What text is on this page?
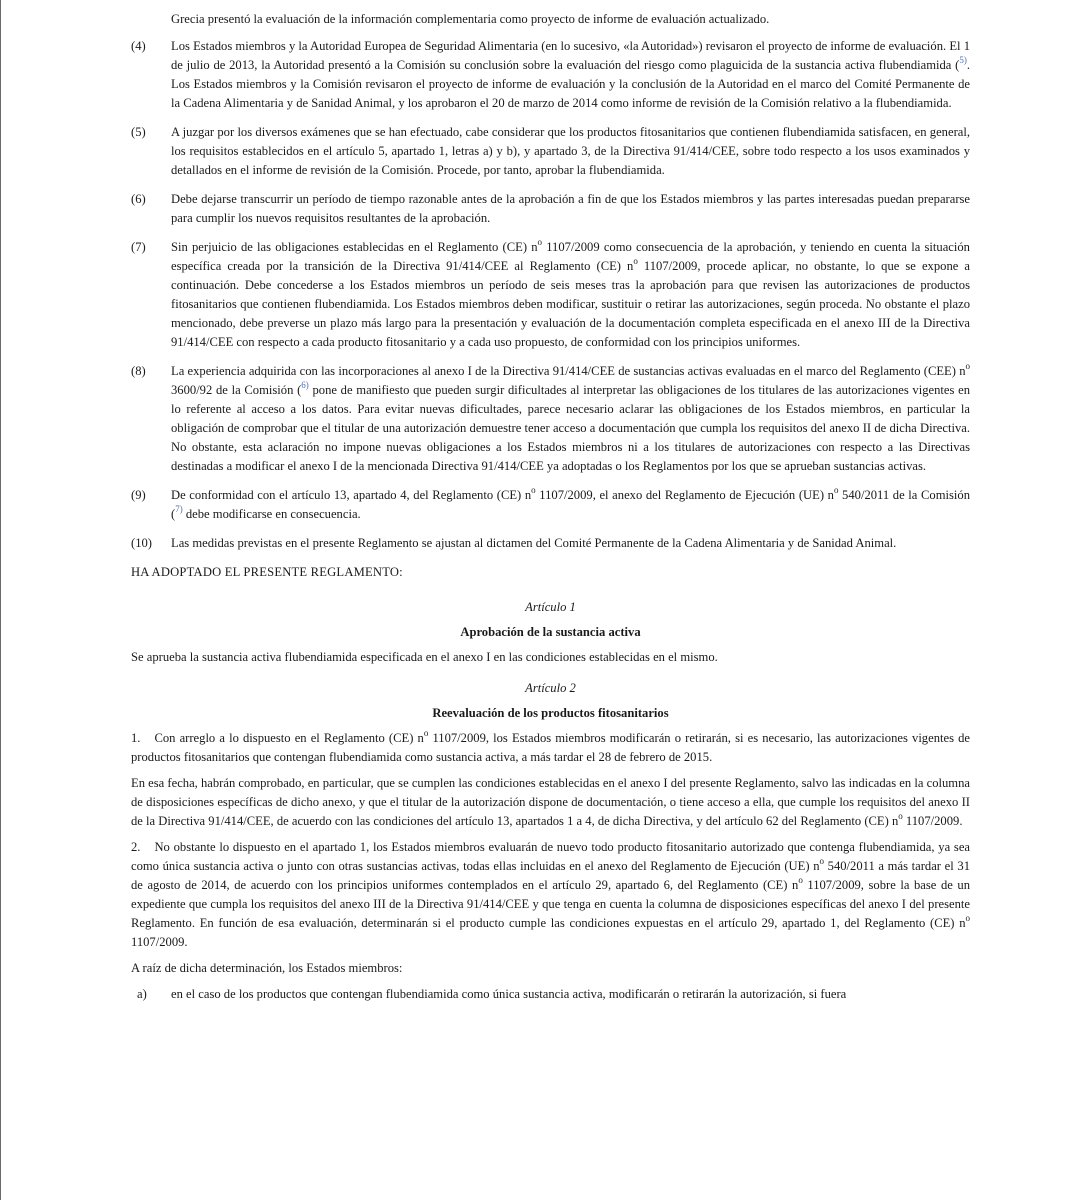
Grecia presentó la evaluación de la información complementaria como proyecto de informe de evaluación actualizado.

(4)	Los Estados miembros y la Autoridad Europea de Seguridad Alimentaria (en lo sucesivo, «la Autoridad») revisaron el proyecto de informe de evaluación. El 1 de julio de 2013, la Autoridad presentó a la Comisión su conclusión sobre la evaluación del riesgo como plaguicida de la sustancia activa flubendiamida ($^{5)}$. Los Estados miembros y la Comisión revisaron el proyecto de informe de evaluación y la conclusión de la Autoridad en el marco del Comité Permanente de la Cadena Alimentaria y de Sanidad Animal, y los aprobaron el 20 de marzo de 2014 como informe de revisión de la Comisión relativo a la flubendiamida.

(5)	A juzgar por los diversos exámenes que se han efectuado, cabe considerar que los productos fitosanitarios que contienen flubendiamida satisfacen, en general, los requisitos establecidos en el artículo 5, apartado 1, letras a) y b), y apartado 3, de la Directiva 91/414/CEE, sobre todo respecto a los usos examinados y detallados en el informe de revisión de la Comisión. Procede, por tanto, aprobar la flubendiamida.

(6)	Debe dejarse transcurrir un período de tiempo razonable antes de la aprobación a fin de que los Estados miembros y las partes interesadas puedan prepararse para cumplir los nuevos requisitos resultantes de la aprobación.

(7)	Sin perjuicio de las obligaciones establecidas en el Reglamento (CE) $n^o$ 1107/2009 como consecuencia de la aprobación, y teniendo en cuenta la situación específica creada por la transición de la Directiva 91/414/CEE al Reglamento (CE) $n^o$ 1107/2009, procede aplicar, no obstante, lo que se expone a continuación. Debe concederse a los Estados miembros un período de seis meses tras la aprobación para que revisen las autorizaciones de productos fitosanitarios que contienen flubendiamida. Los Estados miembros deben modificar, sustituir o retirar las autorizaciones, según proceda. No obstante el plazo mencionado, debe preverse un plazo más largo para la presentación y evaluación de la documentación completa especificada en el anexo III de la Directiva 91/414/CEE con respecto a cada producto fitosanitario y a cada uso propuesto, de conformidad con los principios uniformes.

(8)	La experiencia adquirida con las incorporaciones al anexo I de la Directiva 91/414/CEE de sustancias activas evaluadas en el marco del Reglamento (CEE) $n^o$ 3600/92 de la Comisión ($^{6)}$ pone de manifiesto que pueden surgir dificultades al interpretar las obligaciones de los titulares de las autorizaciones vigentes en lo referente al acceso a los datos. Para evitar nuevas dificultades, parece necesario aclarar las obligaciones de los Estados miembros, en particular la obligación de comprobar que el titular de una autorización demuestre tener acceso a documentación que cumpla los requisitos del anexo II de dicha Directiva. No obstante, esta aclaración no impone nuevas obligaciones a los Estados miembros ni a los titulares de autorizaciones con respecto a las Directivas destinadas a modificar el anexo I de la mencionada Directiva 91/414/CEE ya adoptadas o los Reglamentos por los que se aprueban sustancias activas.

(9)	De conformidad con el artículo 13, apartado 4, del Reglamento (CE) $n^o$ 1107/2009, el anexo del Reglamento de Ejecución (UE) $n^o$ 540/2011 de la Comisión ($^{7)}$ debe modificarse en consecuencia.

(10)	Las medidas previstas en el presente Reglamento se ajustan al dictamen del Comité Permanente de la Cadena Alimentaria y de Sanidad Animal.

HA ADOPTADO EL PRESENTE REGLAMENTO:

Artículo 1

Aprobación de la sustancia activa

Se aprueba la sustancia activa flubendiamida especificada en el anexo I en las condiciones establecidas en el mismo.

Artículo 2

Reevaluación de los productos fitosanitarios

1. Con arreglo a lo dispuesto en el Reglamento (CE) $n^o$ 1107/2009, los Estados miembros modificarán o retirarán, si es necesario, las autorizaciones vigentes de productos fitosanitarios que contengan flubendiamida como sustancia activa, a más tardar el 28 de febrero de 2015.

En esa fecha, habrán comprobado, en particular, que se cumplen las condiciones establecidas en el anexo I del presente Reglamento, salvo las indicadas en la columna de disposiciones específicas de dicho anexo, y que el titular de la autorización dispone de documentación, o tiene acceso a ella, que cumple los requisitos del anexo II de la Directiva 91/414/CEE, de acuerdo con las condiciones del artículo 13, apartados 1 a 4, de dicha Directiva, y del artículo 62 del Reglamento (CE) $n^o$ 1107/2009.

2. No obstante lo dispuesto en el apartado 1, los Estados miembros evaluarán de nuevo todo producto fitosanitario autorizado que contenga flubendiamida, ya sea como única sustancia activa o junto con otras sustancias activas, todas ellas incluidas en el anexo del Reglamento de Ejecución (UE) $n^o$ 540/2011 a más tardar el 31 de agosto de 2014, de acuerdo con los principios uniformes contemplados en el artículo 29, apartado 6, del Reglamento (CE) $n^o$ 1107/2009, sobre la base de un expediente que cumpla los requisitos del anexo III de la Directiva 91/414/CEE y que tenga en cuenta la columna de disposiciones específicas del anexo I del presente Reglamento. En función de esa evaluación, determinarán si el producto cumple las condiciones expuestas en el artículo 29, apartado 1, del Reglamento (CE) $n^o$ 1107/2009.

A raíz de dicha determinación, los Estados miembros:

a)	en el caso de los productos que contengan flubendiamida como única sustancia activa, modificarán o retirarán la autorización, si fuera
